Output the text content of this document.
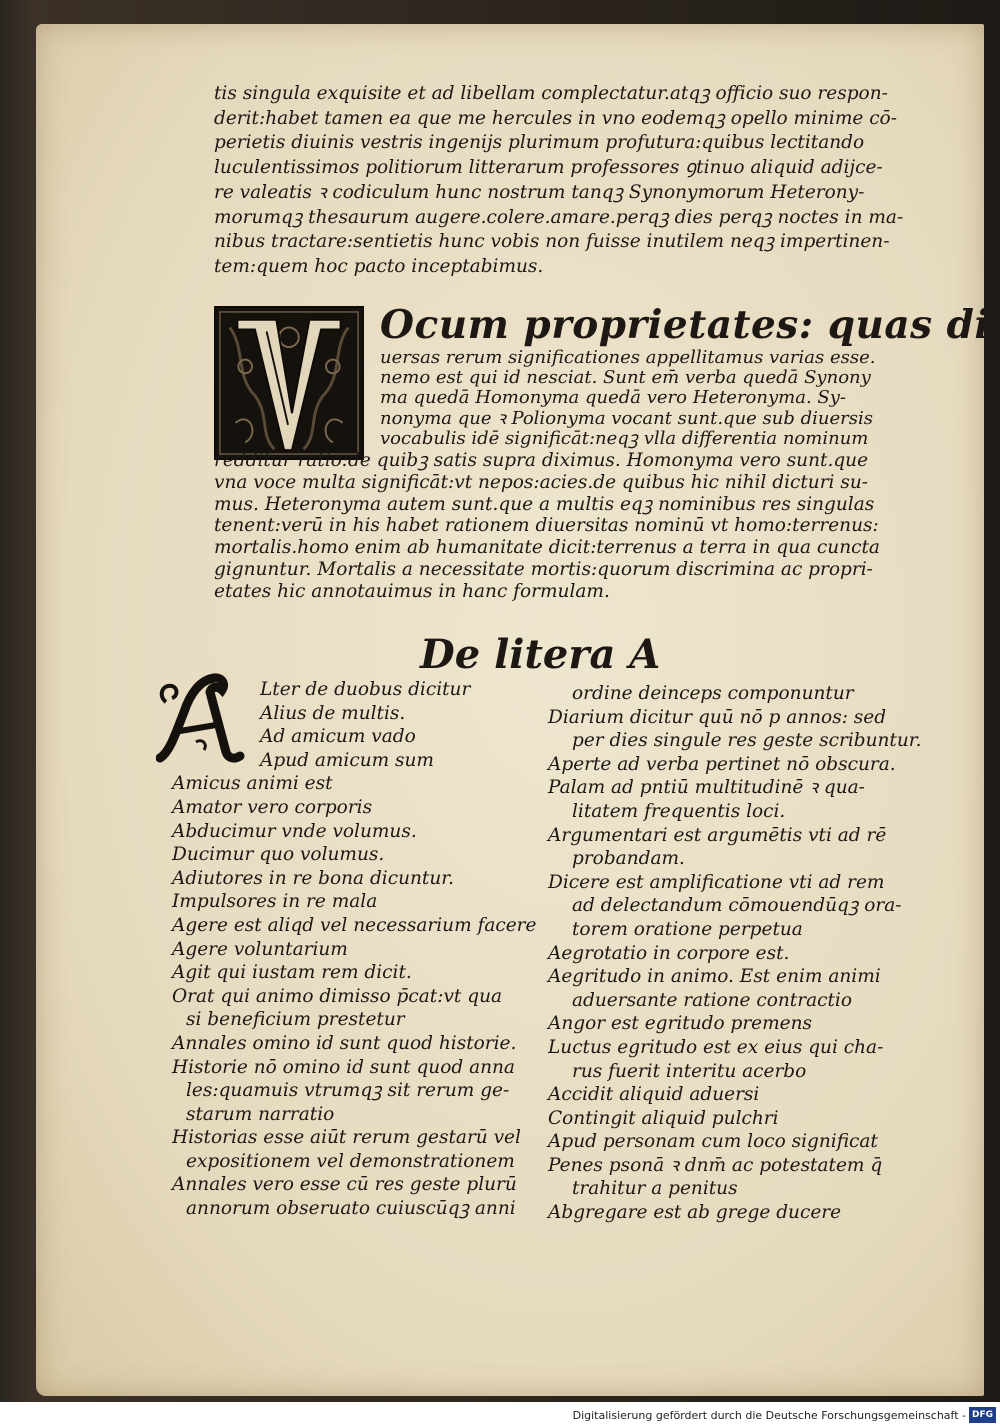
tis singula exquisite et ad libellam complectatur.atqꝫ officio suo respon-
derit:habet tamen ea que me hercules in vno eodemqꝫ opello minime cō-
perietis diuinis vestris ingenijs plurimum profutura:quibus lectitando
luculentissimos politiorum litterarum professores ꝯtinuo aliquid adijce-
re valeatis ꝛ codiculum hunc nostrum tanqꝫ Synonymorum Heterony-
morumqꝫ thesaurum augere.colere.amare.perqꝫ dies perqꝫ noctes in ma-
nibus tractare:sentietis hunc vobis non fuisse inutilem neqꝫ impertinen-
tem:quem hoc pacto inceptabimus.
Ocum proprietates: quas di
uersas rerum significationes appellitamus varias esse.
nemo est qui id nesciat. Sunt em̄ verba quedā Synony
ma quedā Homonyma quedā vero Heteronyma. Sy-
nonyma que ꝛ Polionyma vocant sunt.que sub diuersis
vocabulis idē significāt:neqꝫ vlla differentia nominum
redditur ratio:de quibꝫ satis supra diximus. Homonyma vero sunt.que
vna voce multa significāt:vt nepos:acies.de quibus hic nihil dicturi su-
mus. Heteronyma autem sunt.que a multis eqꝫ nominibus res singulas
tenent:verū in his habet rationem diuersitas nominū vt homo:terrenus:
mortalis.homo enim ab humanitate dicit:terrenus a terra in qua cuncta
gignuntur. Mortalis a necessitate mortis:quorum discrimina ac propri-
etates hic annotauimus in hanc formulam.
De litera A
Lter de duobus dicitur
Alius de multis.
Ad amicum vado
Apud amicum sum
Amicus animi est
Amator vero corporis
Abducimur vnde volumus.
Ducimur quo volumus.
Adiutores in re bona dicuntur.
Impulsores in re mala
Agere est aliqd vel necessarium facere
Agere voluntarium
Agit qui iustam rem dicit.
Orat qui animo dimisso p̄cat:vt qua
si beneficium prestetur
Annales omino id sunt quod historie.
Historie nō omino id sunt quod anna
les:quamuis vtrumqꝫ sit rerum ge-
starum narratio
Historias esse aiūt rerum gestarū vel
expositionem vel demonstrationem
Annales vero esse cū res geste plurū
annorum obseruato cuiuscūqꝫ anni
ordine deinceps componuntur
Diarium dicitur quū nō p annos: sed
per dies singule res geste scribuntur.
Aperte ad verba pertinet nō obscura.
Palam ad pntiū multitudinē ꝛ qua-
litatem frequentis loci.
Argumentari est argumētis vti ad rē
probandam.
Dicere est amplificatione vti ad rem
ad delectandum cōmouendūqꝫ ora-
torem oratione perpetua
Aegrotatio in corpore est.
Aegritudo in animo. Est enim animi
aduersante ratione contractio
Angor est egritudo premens
Luctus egritudo est ex eius qui cha-
rus fuerit interitu acerbo
Accidit aliquid aduersi
Contingit aliquid pulchri
Apud personam cum loco significat
Penes psonā ꝛ dnm̄ ac potestatem q̄
trahitur a penitus
Abgregare est ab grege ducere
Digitalisierung gefördert durch die Deutsche Forschungsgemeinschaft - DFG
